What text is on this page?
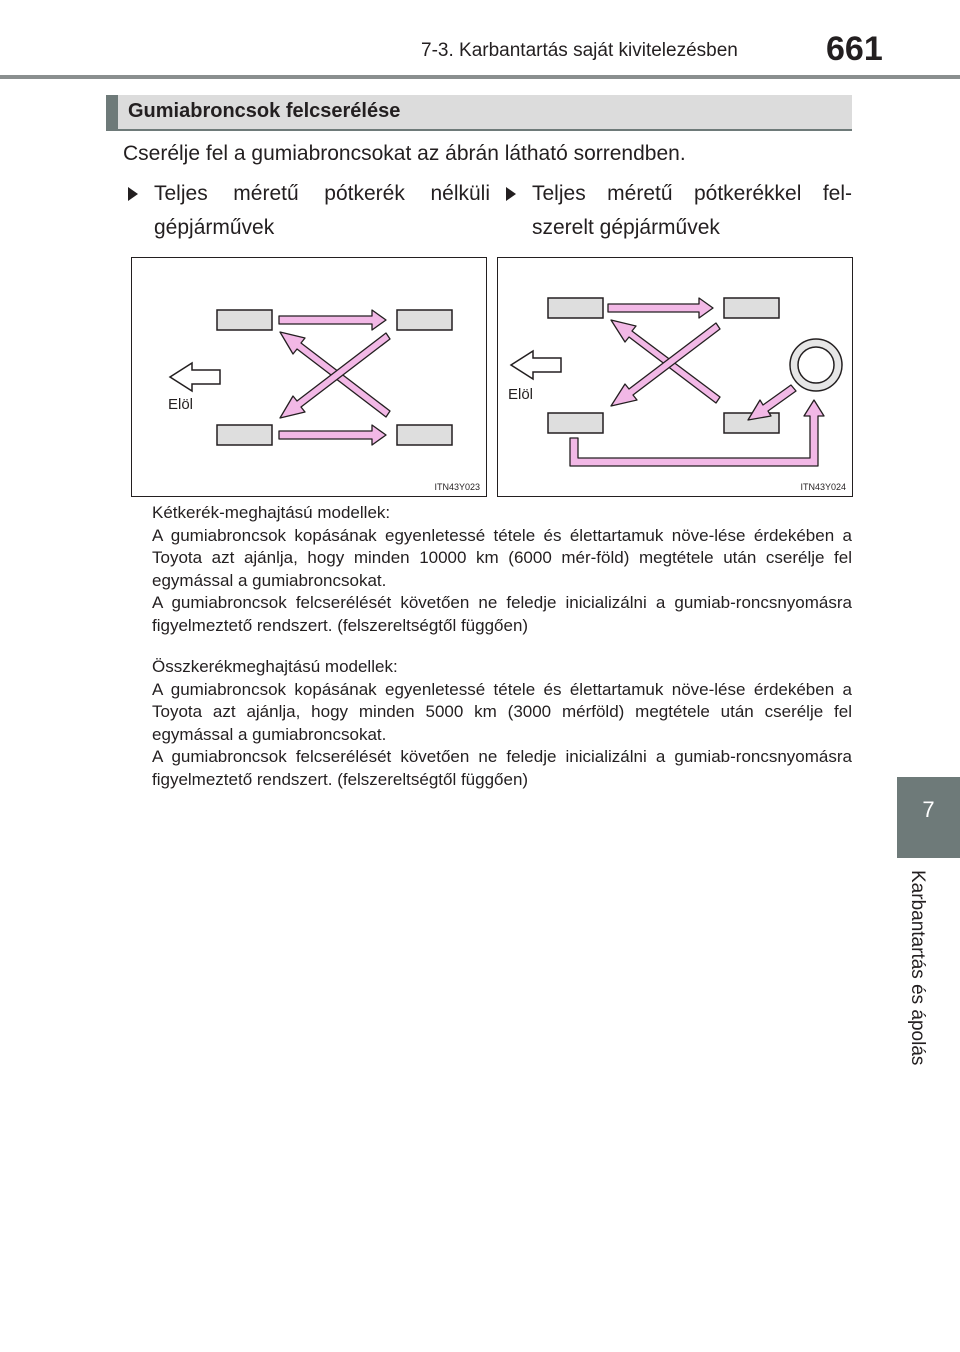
7-3. Karbantartás saját kivitelezésben	661
7
Karbantartás és ápolás
Gumiabroncsok felcserélése
Cserélje fel a gumiabroncsokat az ábrán látható sorrendben.
Teljes méretű pótkerék nélküli gépjárművek
Teljes méretű pótkerékkel fel-szerelt gépjárművek
Elöl
ITN43Y023
Elöl
ITN43Y024

Kétkerék-meghajtású modellek:

A gumiabroncsok kopásának egyenletessé tétele és élettartamuk növe-lése érdekében a Toyota azt ajánlja, hogy minden 10000 km (6000 mér-föld) megtétele után cserélje fel egymással a gumiabroncsokat.

A gumiabroncsok felcserélését követően ne feledje inicializálni a gumiab-roncsnyomásra figyelmeztető rendszert. (felszereltségtől függően)

Összkerékmeghajtású modellek:

A gumiabroncsok kopásának egyenletessé tétele és élettartamuk növe-lése érdekében a Toyota azt ajánlja, hogy minden 5000 km (3000 mérföld) megtétele után cserélje fel egymással a gumiabroncsokat.

A gumiabroncsok felcserélését követően ne feledje inicializálni a gumiab-roncsnyomásra figyelmeztető rendszert. (felszereltségtől függően)
